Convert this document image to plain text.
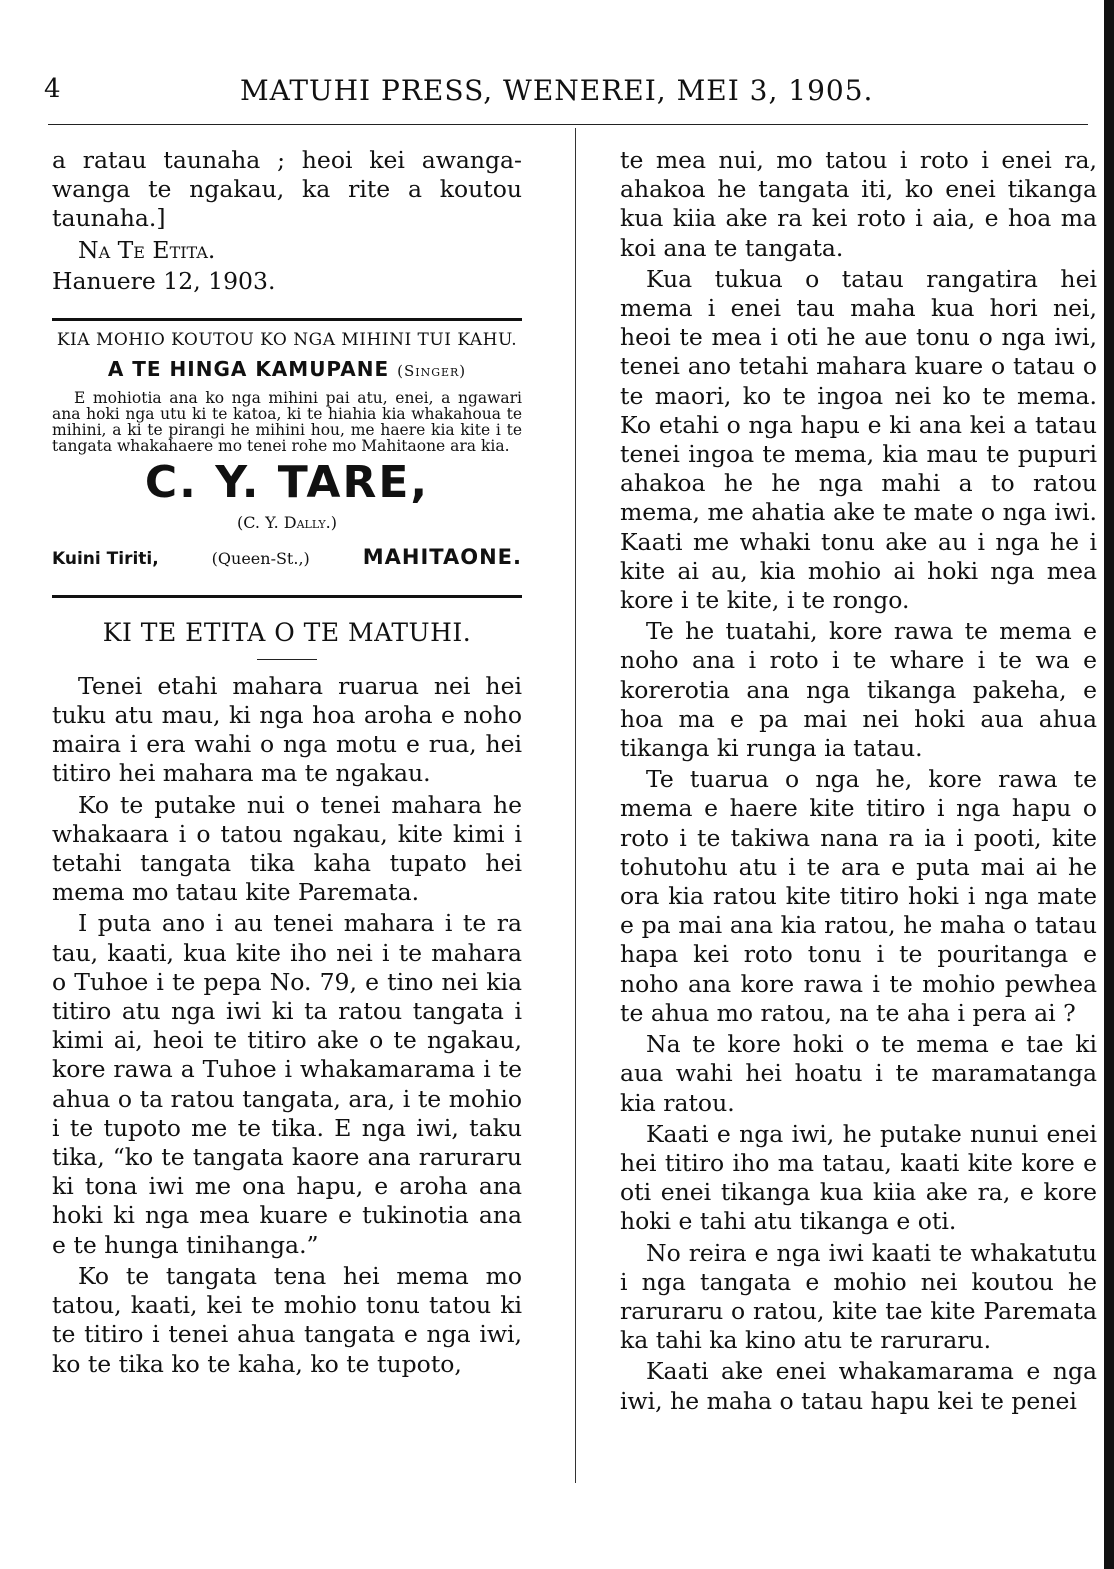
4	MATUHI PRESS, WENEREI, MEI 3, 1905.

a ratau taunaha ; heoi kei awanga-wanga te ngakau, ka rite a koutou taunaha.]

Na Te Etita.

Hanuere 12, 1903.

KIA MOHIO KOUTOU KO NGA MIHINI TUI KAHU.
A TE HINGA KAMUPANE (Singer)
E mohiotia ana ko nga mihini pai atu, enei, a ngawari ana hoki nga utu ki te katoa, ki te hiahia kia whakahoua te mihini, a ki te pirangi he mihini hou, me haere kia kite i te tangata whakahaere mo tenei rohe mo Mahitaone ara kia.
C. Y. TARE,
(C. Y. Dally.)
Kuini Tiriti,	(Queen-St.,)	MAHITAONE.
KI TE ETITA O TE MATUHI.

Tenei etahi mahara ruarua nei hei tuku atu mau, ki nga hoa aroha e noho maira i era wahi o nga motu e rua, hei titiro hei mahara ma te ngakau.

Ko te putake nui o tenei mahara he whakaara i o tatou ngakau, kite kimi i tetahi tangata tika kaha tupato hei mema mo tatau kite Paremata.

I puta ano i au tenei mahara i te ra tau, kaati, kua kite iho nei i te mahara o Tuhoe i te pepa No. 79, e tino nei kia titiro atu nga iwi ki ta ratou tangata i kimi ai, heoi te titiro ake o te ngakau, kore rawa a Tuhoe i whakamarama i te ahua o ta ratou tangata, ara, i te mohio i te tupoto me te tika. E nga iwi, taku tika, “ko te tangata kaore ana raruraru ki tona iwi me ona hapu, e aroha ana hoki ki nga mea kuare e tukinotia ana e te hunga tinihanga.”

Ko te tangata tena hei mema mo tatou, kaati, kei te mohio tonu tatou ki te titiro i tenei ahua tangata e nga iwi, ko te tika ko te kaha, ko te tupoto,

te mea nui, mo tatou i roto i enei ra, ahakoa he tangata iti, ko enei tikanga kua kiia ake ra kei roto i aia, e hoa ma koi ana te tangata.

Kua tukua o tatau rangatira hei mema i enei tau maha kua hori nei, heoi te mea i oti he aue tonu o nga iwi, tenei ano tetahi mahara kuare o tatau o te maori, ko te ingoa nei ko te mema. Ko etahi o nga hapu e ki ana kei a tatau tenei ingoa te mema, kia mau te pupuri ahakoa he he nga mahi a to ratou mema, me ahatia ake te mate o nga iwi. Kaati me whaki tonu ake au i nga he i kite ai au, kia mohio ai hoki nga mea kore i te kite, i te rongo.

Te he tuatahi, kore rawa te mema e noho ana i roto i te whare i te wa e korerotia ana nga tikanga pakeha, e hoa ma e pa mai nei hoki aua ahua tikanga ki runga ia tatau.

Te tuarua o nga he, kore rawa te mema e haere kite titiro i nga hapu o roto i te takiwa nana ra ia i pooti, kite tohutohu atu i te ara e puta mai ai he ora kia ratou kite titiro hoki i nga mate e pa mai ana kia ratou, he maha o tatau hapa kei roto tonu i te pouritanga e noho ana kore rawa i te mohio pewhea te ahua mo ratou, na te aha i pera ai ?

Na te kore hoki o te mema e tae ki aua wahi hei hoatu i te maramatanga kia ratou.

Kaati e nga iwi, he putake nunui enei hei titiro iho ma tatau, kaati kite kore e oti enei tikanga kua kiia ake ra, e kore hoki e tahi atu tikanga e oti.

No reira e nga iwi kaati te whakatutu i nga tangata e mohio nei koutou he raruraru o ratou, kite tae kite Paremata ka tahi ka kino atu te raruraru.

Kaati ake enei whakamarama e nga iwi, he maha o tatau hapu kei te penei
